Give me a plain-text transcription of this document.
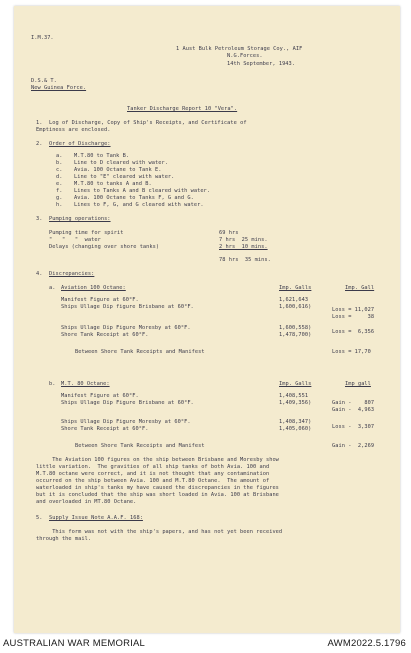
I.M.37.
1 Aust Bulk Petroleum Storage Coy., AIF
N.G.Forces.
14th September, 1943.
D.S.& T.
New Guinea Force.
Tanker Discharge Report 10 "Vera".
1. Log of Discharge, Copy of Ship's Receipts, and Certificate of
Emptiness are enclosed.
2. Order of Discharge:
a. M.T.80 to Tank B.
b. Line to D cleared with water.
c. Avia. 100 Octane to Tank E.
d. Line to "E" cleared with water.
e. M.T.80 to tanks A and B.
f. Lines to Tanks A and B cleared with water.
g. Avia. 100 Octane to Tanks F, G and G.
h. Lines to F, G, and G cleared with water.
3. Pumping operations:
Pumping time for spirit	69 hrs
"   "   "  water	7 hrs  25 mins.
Delays (changing over shore tanks)	2 hrs  10 mins.
78 hrs  35 mins.
4. Discrepancies:
a. Aviation 100 Octane:	Imp. Galls	Imp. Gall
Manifest Figure at 60°F.	1,621,643
Ships Ullage Dip figure Brisbane at 60°F.	1,600,616)	Loss = 11,027
Loss =     38
Ships Ullage Dip Figure Moresby at 60°F.	1,600,558)
Shore Tank Receipt at 60°F.	1,478,700)	Loss =  6,356
Between Shore Tank Receipts and Manifest	Loss = 17,70
b. M.T. 80 Octane:	Imp. Galls	Imp gall
Manifest Figure at 60°F.	1,408,551
Ships Ullage Dip Figure Brisbane at 60°F.	1,409,356)	Gain -    807
Gain -  4,963
Ships Ullage Dip Figure Moresby at 60°F.	1,408,347)
Shore Tank Receipt at 60°F.	1,405,060)	Loss -  3,307
Between Shore Tank Receipts and Manifest	Gain -  2,269
The Aviation 100 figures on the ship between Brisbane and Moresby show
little variation.  The gravities of all ship tanks of both Avia. 100 and
M.T.80 octane were correct, and it is not thought that any contamination
occurred on the ship between Avia. 100 and M.T.80 Octane.  The amount of
waterloaded in ship's tanks my have caused the discrepancies in the figures
but it is concluded that the ship was short loaded in Avia. 100 at Brisbane
and overloaded in MT.80 Octane.
5. Supply Issue Note A.A.F. 168:
This form was not with the ship's papers, and has not yet been received
through the mail.
AUSTRALIAN WAR MEMORIAL	AWM2022.5.1796
